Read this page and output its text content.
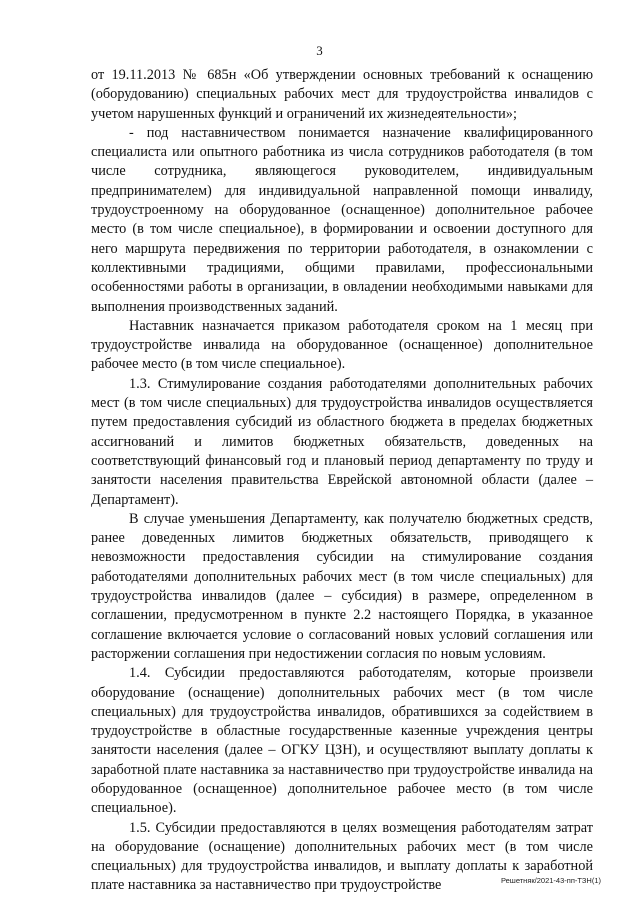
3

от 19.11.2013 № 685н «Об утверждении основных требований к оснащению (оборудованию) специальных рабочих мест для трудоустройства инвалидов с учетом нарушенных функций и ограничений их жизнедеятельности»;

- под наставничеством понимается назначение квалифицированного специалиста или опытного работника из числа сотрудников работодателя (в том числе сотрудника, являющегося руководителем, индивидуальным предпринимателем) для индивидуальной направленной помощи инвалиду, трудоустроенному на оборудованное (оснащенное) дополнительное рабочее место (в том числе специальное), в формировании и освоении доступного для него маршрута передвижения по территории работодателя, в ознакомлении с коллективными традициями, общими правилами, профессиональными особенностями работы в организации, в овладении необходимыми навыками для выполнения производственных заданий.

Наставник назначается приказом работодателя сроком на 1 месяц при трудоустройстве инвалида на оборудованное (оснащенное) дополнительное рабочее место (в том числе специальное).

1.3. Стимулирование создания работодателями дополнительных рабочих мест (в том числе специальных) для трудоустройства инвалидов осуществляется путем предоставления субсидий из областного бюджета в пределах бюджетных ассигнований и лимитов бюджетных обязательств, доведенных на соответствующий финансовый год и плановый период департаменту по труду и занятости населения правительства Еврейской автономной области (далее – Департамент).

В случае уменьшения Департаменту, как получателю бюджетных средств, ранее доведенных лимитов бюджетных обязательств, приводящего к невозможности предоставления субсидии на стимулирование создания работодателями дополнительных рабочих мест (в том числе специальных) для трудоустройства инвалидов (далее – субсидия) в размере, определенном в соглашении, предусмотренном в пункте 2.2 настоящего Порядка, в указанное соглашение включается условие о согласований новых условий соглашения или расторжении соглашения при недостижении согласия по новым условиям.

1.4. Субсидии предоставляются работодателям, которые произвели оборудование (оснащение) дополнительных рабочих мест (в том числе специальных) для трудоустройства инвалидов, обратившихся за содействием в трудоустройстве в областные государственные казенные учреждения центры занятости населения (далее – ОГКУ ЦЗН), и осуществляют выплату доплаты к заработной плате наставника за наставничество при трудоустройстве инвалида на оборудованное (оснащенное) дополнительное рабочее место (в том числе специальное).

1.5. Субсидии предоставляются в целях возмещения работодателям затрат на оборудование (оснащение) дополнительных рабочих мест (в том числе специальных) для трудоустройства инвалидов, и выплату доплаты к заработной плате наставника за наставничество при трудоустройстве	Решетняк/2021-43-пп-ТЗН(1)
